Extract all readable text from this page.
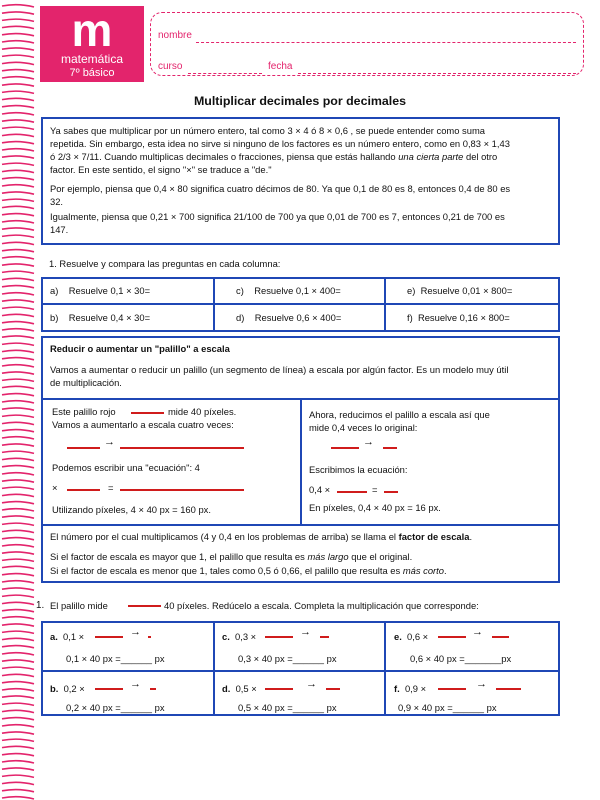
m
matemática
7º básico
nombre
curso	fecha
Multiplicar decimales por decimales
Ya sabes que multiplicar por un número entero, tal como 3 × 4 ó 8 × 0,6 , se puede entender como suma
repetida. Sin embargo, esta idea no sirve si ninguno de los factores es un número entero, como en 0,83 × 1,43
ó 2/3 × 7/11. Cuando multiplicas decimales o fracciones, piensa que estás hallando una cierta parte del otro
factor. En este sentido, el signo "×" se traduce a "de."
Por ejemplo, piensa que 0,4 × 80 significa cuatro décimos de 80. Ya que 0,1 de 80 es 8, entonces 0,4 de 80 es
32.
Igualmente, piensa que 0,21 × 700 significa 21/100 de 700 ya que 0,01 de 700 es 7, entonces 0,21 de 700 es
147.
1. Resuelve y compara las preguntas en cada columna:
a) Resuelve 0,1 × 30=	c) Resuelve 0,1 × 400=	e) Resuelve 0,01 × 800=
b) Resuelve 0,4 × 30=	d) Resuelve 0,6 × 400=	f) Resuelve 0,16 × 800=
Reducir o aumentar un "palillo" a escala
Vamos a aumentar o reducir un palillo (un segmento de línea) a escala por algún factor. Es un modelo muy útil
de multiplicación.
Este palillo rojo	mide 40 píxeles.
Vamos a aumentarlo a escala cuatro veces:
→
Podemos escribir una "ecuación": 4
×	=
Utilizando píxeles, 4 × 40 px = 160 px.
Ahora, reducimos el palillo a escala así que
mide 0,4 veces lo original:
→
Escribimos la ecuación:
0,4 ×	=
En píxeles, 0,4 × 40 px = 16 px.
El número por el cual multiplicamos (4 y 0,4 en los problemas de arriba) se llama el factor de escala.
Si el factor de escala es mayor que 1, el palillo que resulta es más largo que el original.
Si el factor de escala es menor que 1, tales como 0,5 ó 0,66, el palillo que resulta es más corto.
1. El palillo mide	40 píxeles. Redúcelo a escala. Completa la multiplicación que corresponde:
a. 0,1 ×	→
0,1 × 40 px =______ px
c. 0,3 ×	→
0,3 × 40 px =______ px
e. 0,6 ×	→
0,6 × 40 px =_______px
b. 0,2 ×	→
0,2 × 40 px =______ px
d. 0,5 ×	→
0,5 × 40 px =______ px
f. 0,9 ×	→
0,9 × 40 px =______ px
